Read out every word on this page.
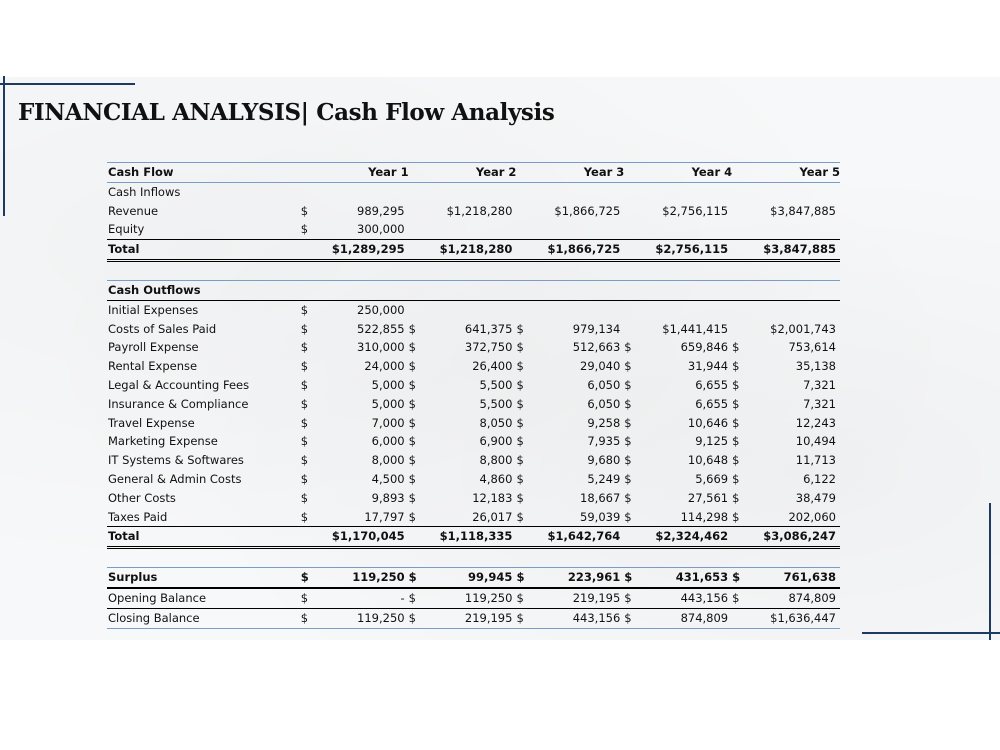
FINANCIAL ANALYSIS| Cash Flow Analysis
Cash Flow	Year 1	Year 2	Year 3	Year 4	Year 5
Cash Inflows					
Revenue	$ 989,295	$1,218,280	$1,866,725	$2,756,115	$3,847,885

Equity	$ 300,000				

Total	$1,289,295	$1,218,280	$1,866,725	$2,756,115	$3,847,885

Cash Outflows					
Initial Expenses	$ 250,000				

Costs of Sales Paid	$ 522,855	$ 641,375	$ 979,134	$1,441,415	$2,001,743

Payroll Expense	$ 310,000	$ 372,750	$ 512,663	$ 659,846	$ 753,614

Rental Expense	$ 24,000	$ 26,400	$ 29,040	$ 31,944	$ 35,138

Legal & Accounting Fees	$ 5,000	$ 5,500	$ 6,050	$ 6,655	$ 7,321

Insurance & Compliance	$ 5,000	$ 5,500	$ 6,050	$ 6,655	$ 7,321

Travel Expense	$ 7,000	$ 8,050	$ 9,258	$ 10,646	$ 12,243

Marketing Expense	$ 6,000	$ 6,900	$ 7,935	$ 9,125	$ 10,494

IT Systems & Softwares	$ 8,000	$ 8,800	$ 9,680	$ 10,648	$ 11,713

General & Admin Costs	$ 4,500	$ 4,860	$ 5,249	$ 5,669	$ 6,122

Other Costs	$ 9,893	$ 12,183	$ 18,667	$ 27,561	$ 38,479

Taxes Paid	$ 17,797	$ 26,017	$ 59,039	$ 114,298	$ 202,060

Total	$1,170,045	$1,118,335	$1,642,764	$2,324,462	$3,086,247

Surplus	$ 119,250	$ 99,945	$ 223,961	$ 431,653	$ 761,638

Opening Balance	$ -	$ 119,250	$ 219,195	$ 443,156	$ 874,809

Closing Balance	$ 119,250	$ 219,195	$ 443,156	$ 874,809	$1,636,447
